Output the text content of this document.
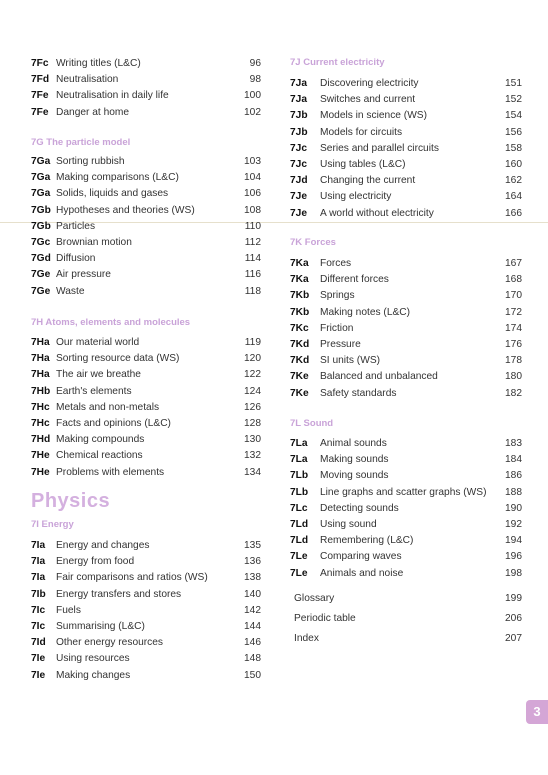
7Fc Writing titles (L&C)	96
7Fd Neutralisation	98
7Fe Neutralisation in daily life	100
7Fe Danger at home	102
7G The particle model
7Ga Sorting rubbish	103
7Ga Making comparisons (L&C)	104
7Ga Solids, liquids and gases	106
7Gb Hypotheses and theories (WS)	108
7Gb Particles	110
7Gc Brownian motion	112
7Gd Diffusion	114
7Ge Air pressure	116
7Ge Waste	118
7H Atoms, elements and molecules
7Ha Our material world	119
7Ha Sorting resource data (WS)	120
7Ha The air we breathe	122
7Hb Earth's elements	124
7Hc Metals and non-metals	126
7Hc Facts and opinions (L&C)	128
7Hd Making compounds	130
7He Chemical reactions	132
7He Problems with elements	134
7I Energy
7Ia Energy and changes	135
7Ia Energy from food	136
7Ia Fair comparisons and ratios (WS)	138
7Ib Energy transfers and stores	140
7Ic Fuels	142
7Ic Summarising (L&C)	144
7Id Other energy resources	146
7Ie Using resources	148
7Ie Making changes	150
Physics
7J Current electricity
7Ja Discovering electricity	151
7Ja Switches and current	152
7Jb Models in science (WS)	154
7Jb Models for circuits	156
7Jc Series and parallel circuits	158
7Jc Using tables (L&C)	160
7Jd Changing the current	162
7Je Using electricity	164
7Je A world without electricity	166
7K Forces
7Ka Forces	167
7Ka Different forces	168
7Kb Springs	170
7Kb Making notes (L&C)	172
7Kc Friction	174
7Kd Pressure	176
7Kd SI units (WS)	178
7Ke Balanced and unbalanced	180
7Ke Safety standards	182
7L Sound
7La Animal sounds	183
7La Making sounds	184
7Lb Moving sounds	186
7Lb Line graphs and scatter graphs (WS) 188
7Lc Detecting sounds	190
7Ld Using sound	192
7Ld Remembering (L&C)	194
7Le Comparing waves	196
7Le Animals and noise	198
Glossary	199
Periodic table	206
Index	207
3
